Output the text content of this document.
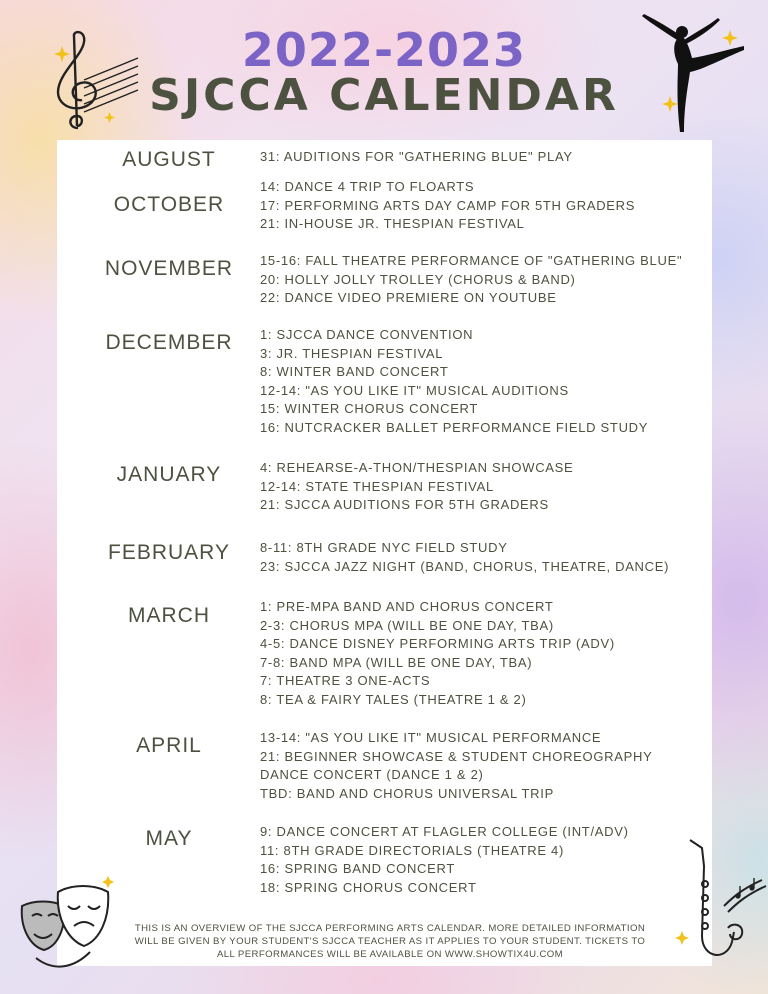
2022-2023
SJCCA CALENDAR
AUGUST	31: AUDITIONS FOR "GATHERING BLUE" PLAY
OCTOBER
14: DANCE 4 TRIP TO FLOARTS
17: PERFORMING ARTS DAY CAMP FOR 5TH GRADERS
21: IN-HOUSE JR. THESPIAN FESTIVAL
NOVEMBER	15-16: FALL THEATRE PERFORMANCE OF "GATHERING BLUE"
20: HOLLY JOLLY TROLLEY (CHORUS & BAND)
22: DANCE VIDEO PREMIERE ON YOUTUBE
DECEMBER	1: SJCCA DANCE CONVENTION
3: JR. THESPIAN FESTIVAL
8: WINTER BAND CONCERT
12-14: "AS YOU LIKE IT" MUSICAL AUDITIONS
15: WINTER CHORUS CONCERT
16: NUTCRACKER BALLET PERFORMANCE FIELD STUDY
JANUARY	4: REHEARSE-A-THON/THESPIAN SHOWCASE
12-14: STATE THESPIAN FESTIVAL
21: SJCCA AUDITIONS FOR 5TH GRADERS
FEBRUARY	8-11: 8TH GRADE NYC FIELD STUDY
23: SJCCA JAZZ NIGHT (BAND, CHORUS, THEATRE, DANCE)
MARCH	1: PRE-MPA BAND AND CHORUS CONCERT
2-3: CHORUS MPA (WILL BE ONE DAY, TBA)
4-5: DANCE DISNEY PERFORMING ARTS TRIP (ADV)
7-8: BAND MPA (WILL BE ONE DAY, TBA)
7: THEATRE 3 ONE-ACTS
8: TEA & FAIRY TALES (THEATRE 1 & 2)
APRIL	13-14: "AS YOU LIKE IT" MUSICAL PERFORMANCE
21: BEGINNER SHOWCASE & STUDENT CHOREOGRAPHY
DANCE CONCERT (DANCE 1 & 2)
TBD: BAND AND CHORUS UNIVERSAL TRIP
MAY	9: DANCE CONCERT AT FLAGLER COLLEGE (INT/ADV)
11: 8TH GRADE DIRECTORIALS (THEATRE 4)
16: SPRING BAND CONCERT
18: SPRING CHORUS CONCERT
THIS IS AN OVERVIEW OF THE SJCCA PERFORMING ARTS CALENDAR. MORE DETAILED INFORMATION
WILL BE GIVEN BY YOUR STUDENT'S SJCCA TEACHER AS IT APPLIES TO YOUR STUDENT. TICKETS TO
ALL PERFORMANCES WILL BE AVAILABLE ON WWW.SHOWTIX4U.COM
